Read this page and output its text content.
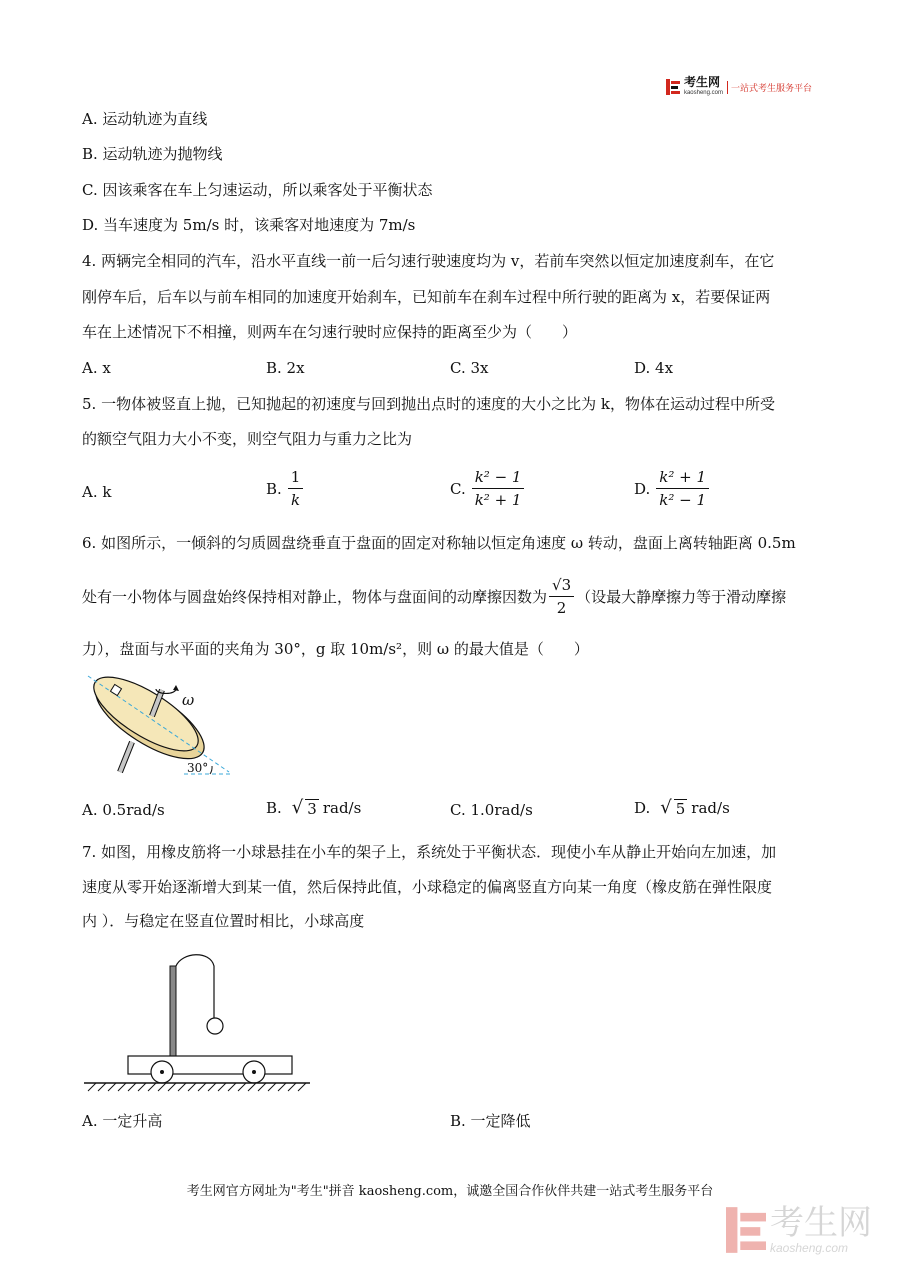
考生网
kaosheng.com
一站式考生服务平台
A. 运动轨迹为直线
B. 运动轨迹为抛物线
C. 因该乘客在车上匀速运动，所以乘客处于平衡状态
D. 当车速度为 5m/s 时，该乘客对地速度为 7m/s
4. 两辆完全相同的汽车，沿水平直线一前一后匀速行驶速度均为 v，若前车突然以恒定加速度刹车，在它
刚停车后，后车以与前车相同的加速度开始刹车，已知前车在刹车过程中所行驶的距离为 x，若要保证两
车在上述情况下不相撞，则两车在匀速行驶时应保持的距离至少为（　　）
A. x	B. 2x	C. 3x	D. 4x
5. 一物体被竖直上抛，已知抛起的初速度与回到抛出点时的速度的大小之比为 k，物体在运动过程中所受
的额空气阻力大小不变，则空气阻力与重力之比为
A. k	B. $\frac{1}{k}$	C. $\frac{\text{k² − 1}}{\text{k² + 1}}$	D. $\frac{\text{k² + 1}}{\text{k² − 1}}$
6. 如图所示，一倾斜的匀质圆盘绕垂直于盘面的固定对称轴以恒定角速度 ω 转动，盘面上离转轴距离 0.5m
处有一小物体与圆盘始终保持相对静止，物体与盘面间的动摩擦因数为 $\frac{√3}{2}$ （设最大静摩擦力等于滑动摩擦
力），盘面与水平面的夹角为 30°，g 取 10m/s²，则 ω 的最大值是（　　）
ω
30°
A. 0.5rad/s	B. √ 3 rad/s	C. 1.0rad/s	D. √ 5 rad/s
7. 如图，用橡皮筋将一小球悬挂在小车的架子上，系统处于平衡状态．现使小车从静止开始向左加速，加
速度从零开始逐渐增大到某一值，然后保持此值，小球稳定的偏离竖直方向某一角度（橡皮筋在弹性限度
内 ）．与稳定在竖直位置时相比，小球高度
A. 一定升高	B. 一定降低
考生网官方网址为"考生"拼音 kaosheng.com，诚邀全国合作伙伴共建一站式考生服务平台
考生网
kaosheng.com
